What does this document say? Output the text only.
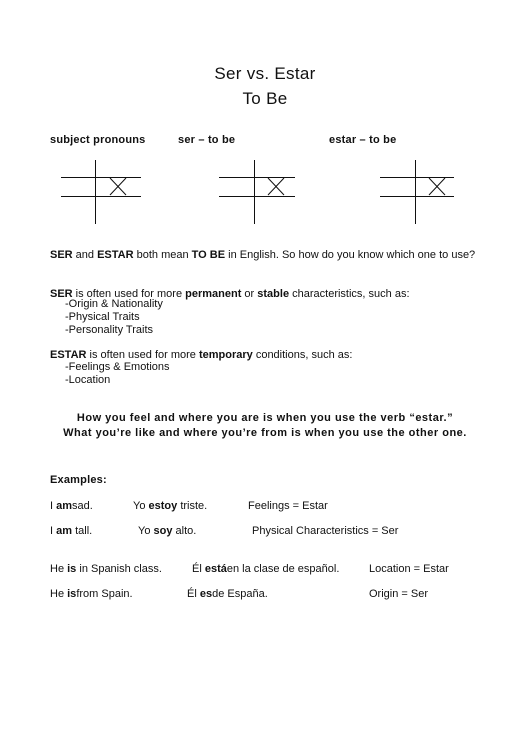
Ser vs. Estar
To Be
subject pronouns	ser – to be	estar – to be
SER and ESTAR both mean TO BE in English. So how do you know which one to use?
SER is often used for more permanent or stable characteristics, such as:
-Origin & Nationality
-Physical Traits
-Personality Traits
ESTAR is often used for more temporary conditions, such as:
-Feelings & Emotions
-Location
How you feel and where you are is when you use the verb “estar.”
What you’re like and where you’re from is when you use the other one.
Examples:
I amsad.	Yo estoy triste.	Feelings = Estar
I am tall.	Yo soy alto.	Physical Characteristics = Ser
He is in Spanish class.	Él estáen la clase de español.	Location = Estar
He isfrom Spain.	Él esde España.	Origin = Ser
